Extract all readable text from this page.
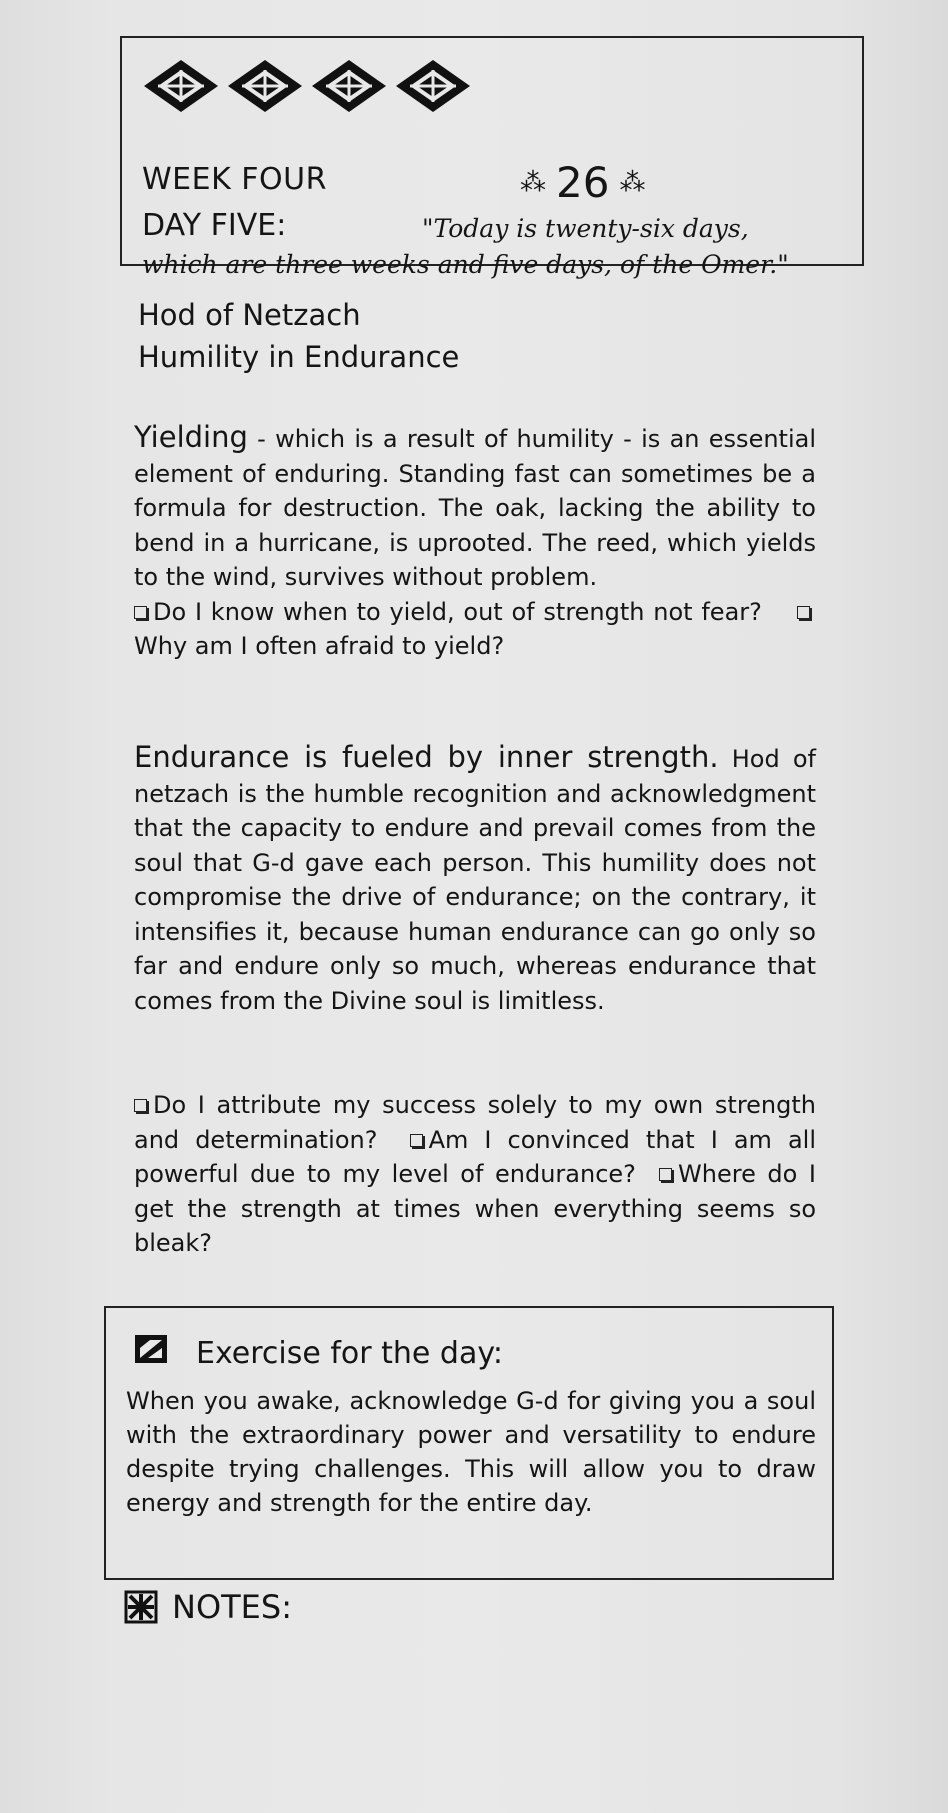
WEEK FOUR	⁂ 26 ⁂
DAY FIVE:	"Today is twenty-six days,
which are three weeks and five days, of the Omer."
Hod of Netzach
Humility in Endurance

Yielding - which is a result of humility - is an essential element of enduring. Standing fast can sometimes be a formula for destruction. The oak, lacking the ability to bend in a hurricane, is uprooted. The reed, which yields to the wind, survives without problem.
Do I know when to yield, out of strength not fear?    Why am I often afraid to yield?

Endurance is fueled by inner strength. Hod of netzach is the humble recognition and acknowledgment that the capacity to endure and prevail comes from the soul that G-d gave each person. This humility does not compromise the drive of endurance; on the contrary, it intensifies it, because human endurance can go only so far and endure only so much, whereas endurance that comes from the Divine soul is limitless.

Do I attribute my success solely to my own strength and determination? Am I convinced that I am all powerful due to my level of endurance? Where do I get the strength at times when everything seems so bleak?

Exercise for the day:

When you awake, acknowledge G-d for giving you a soul with the extraordinary power and versatility to endure despite trying challenges. This will allow you to draw energy and strength for the entire day.

NOTES:
